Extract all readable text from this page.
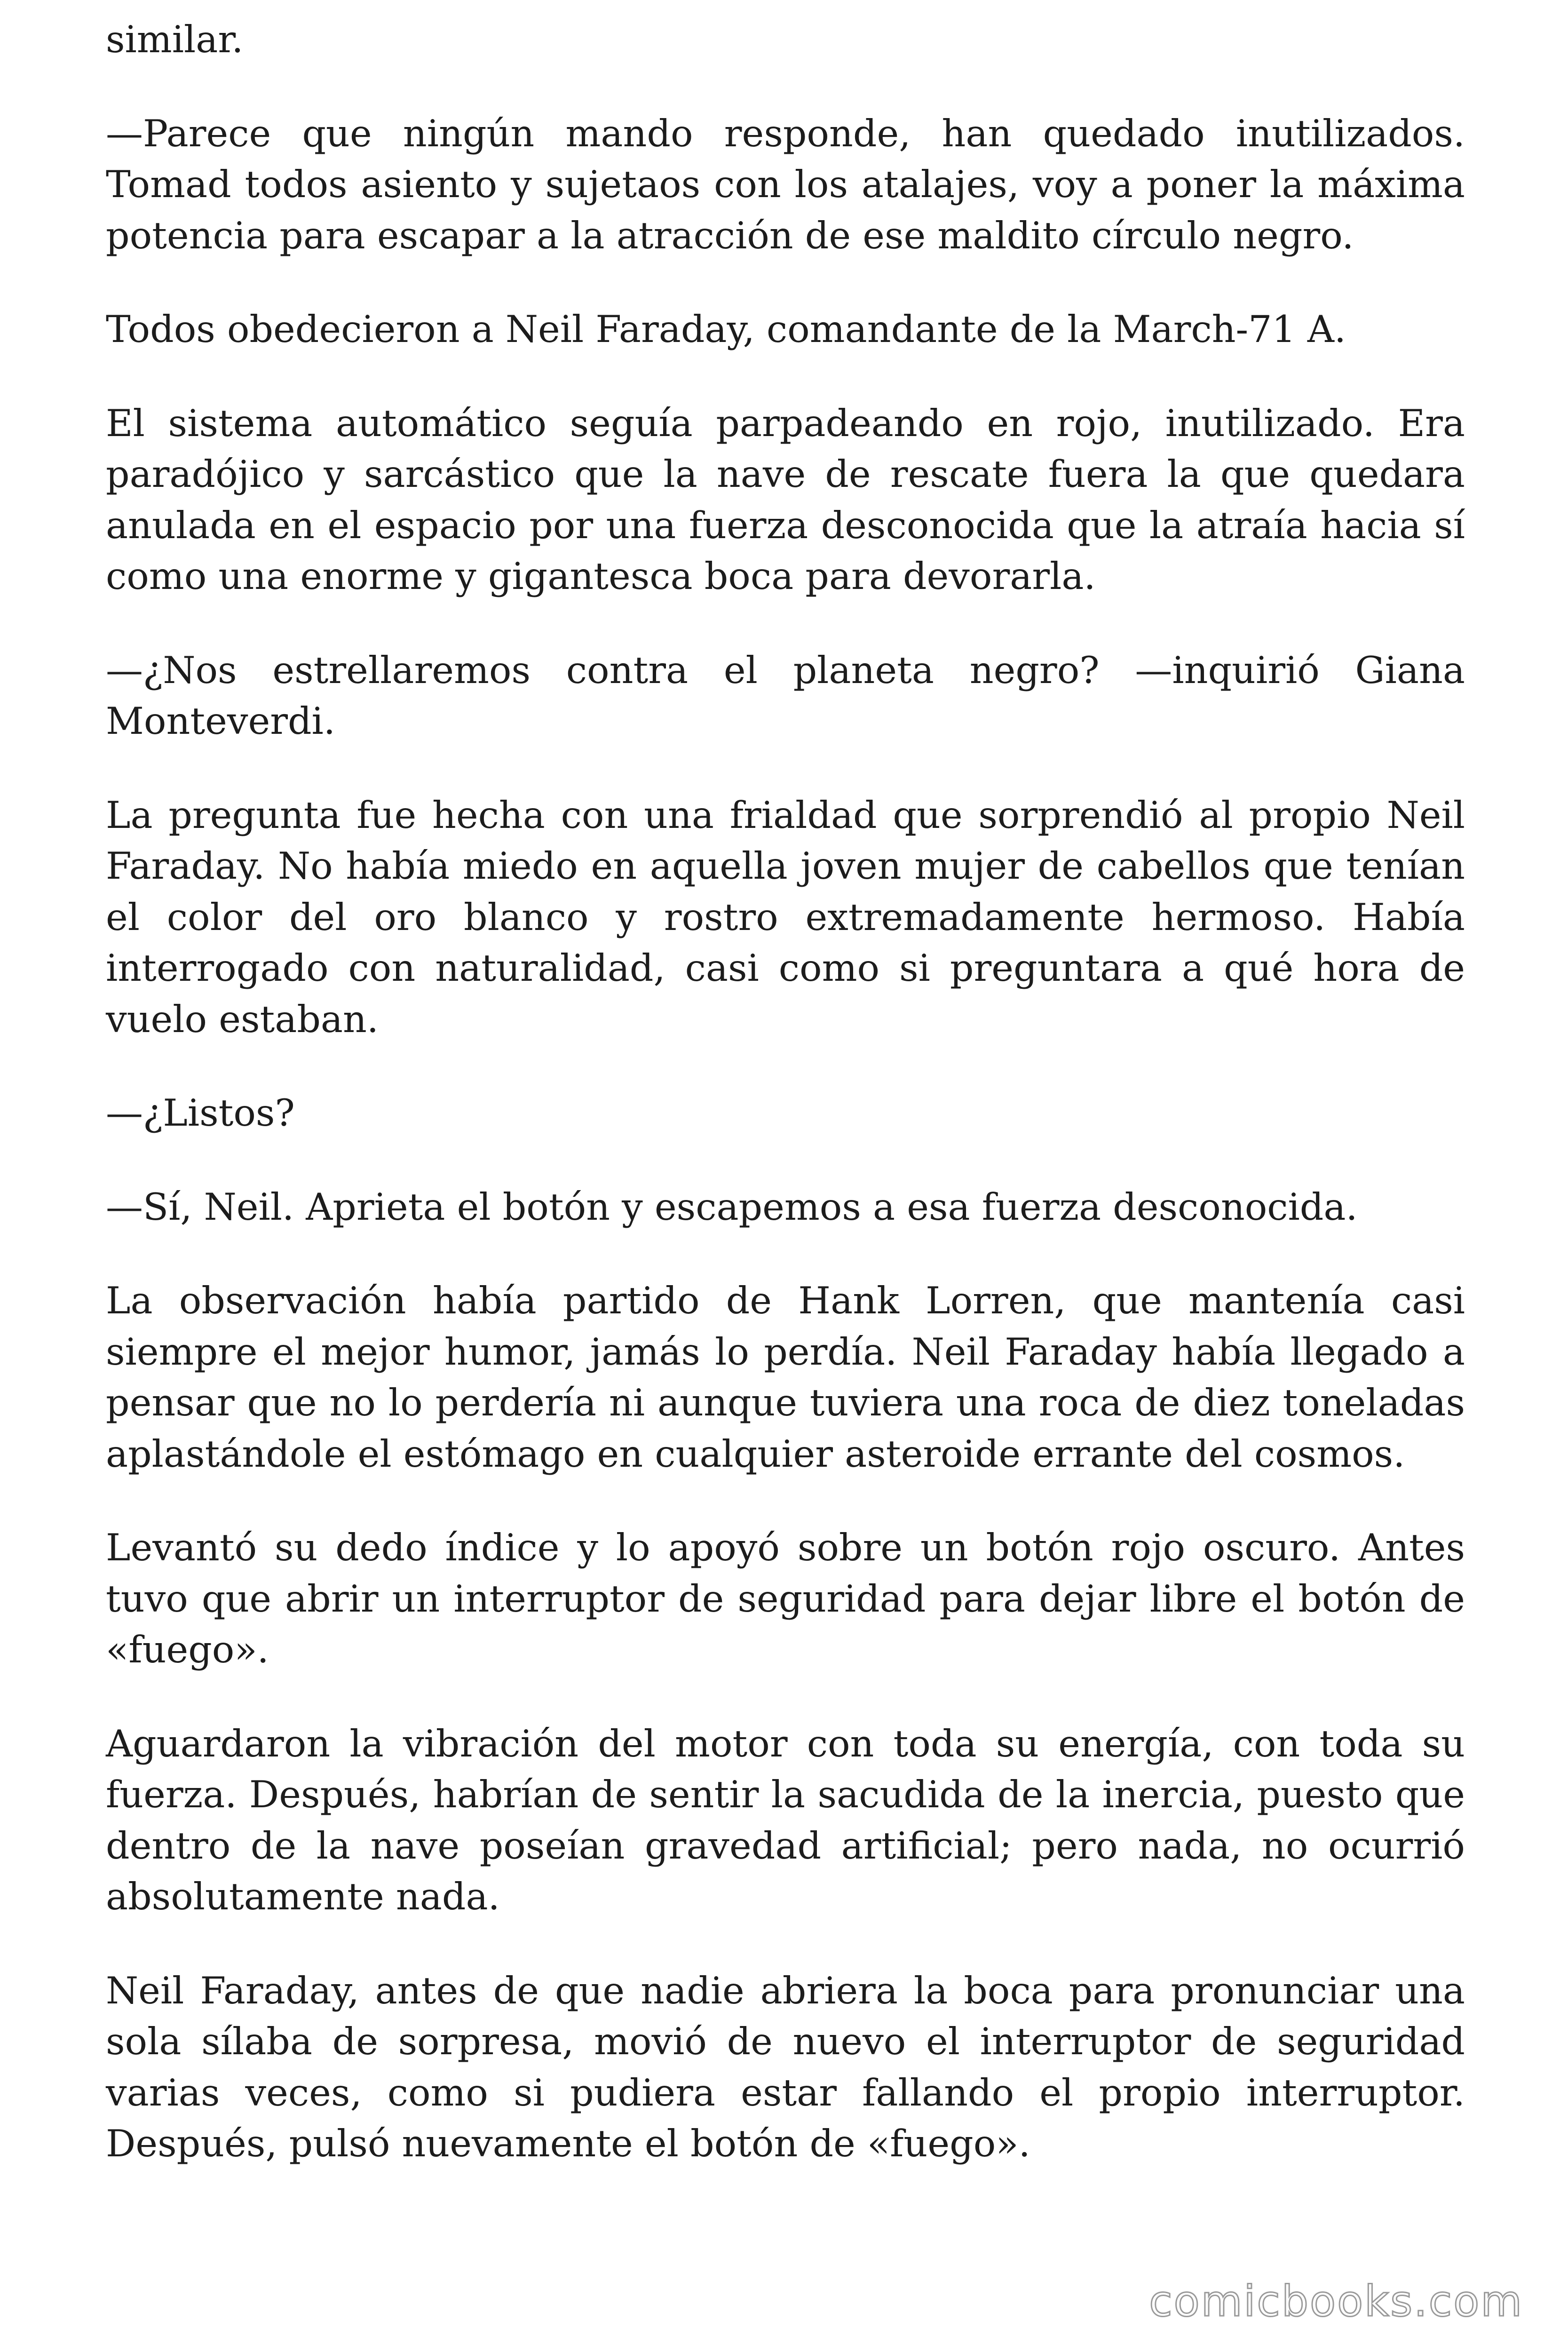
similar.

—Parece que ningún mando responde, han quedado inutilizados. Tomad todos asiento y sujetaos con los atalajes, voy a poner la máxima potencia para escapar a la atracción de ese maldito círculo negro.

Todos obedecieron a Neil Faraday, comandante de la March-71 A.

El sistema automático seguía parpadeando en rojo, inutilizado. Era paradójico y sarcástico que la nave de rescate fuera la que quedara anulada en el espacio por una fuerza desconocida que la atraía hacia sí como una enorme y gigantesca boca para devorarla.

—¿Nos estrellaremos contra el planeta negro? —inquirió Giana Monteverdi.

La pregunta fue hecha con una frialdad que sorprendió al propio Neil Faraday. No había miedo en aquella joven mujer de cabellos que tenían el color del oro blanco y rostro extremadamente hermoso. Había interrogado con naturalidad, casi como si preguntara a qué hora de vuelo estaban.

—¿Listos?

—Sí, Neil. Aprieta el botón y escapemos a esa fuerza desconocida.

La observación había partido de Hank Lorren, que mantenía casi siempre el mejor humor, jamás lo perdía. Neil Faraday había llegado a pensar que no lo perdería ni aunque tuviera una roca de diez toneladas aplastándole el estómago en cualquier asteroide errante del cosmos.

Levantó su dedo índice y lo apoyó sobre un botón rojo oscuro. Antes tuvo que abrir un interruptor de seguridad para dejar libre el botón de «fuego».

Aguardaron la vibración del motor con toda su energía, con toda su fuerza. Después, habrían de sentir la sacudida de la inercia, puesto que dentro de la nave poseían gravedad artificial; pero nada, no ocurrió absolutamente nada.

Neil Faraday, antes de que nadie abriera la boca para pronunciar una sola sílaba de sorpresa, movió de nuevo el interruptor de seguridad varias veces, como si pudiera estar fallando el propio interruptor. Después, pulsó nuevamente el botón de «fuego».

comicbooks.com
